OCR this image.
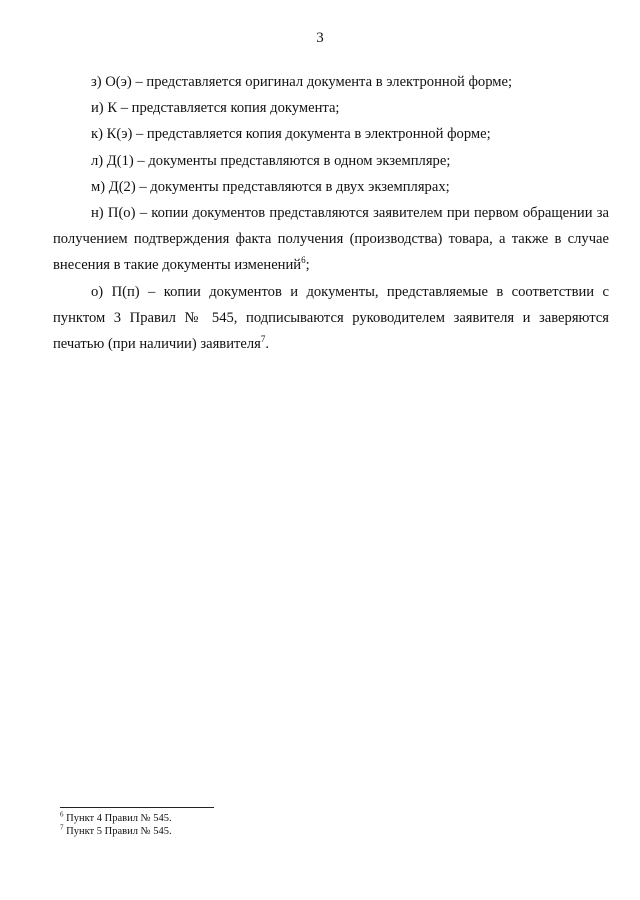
3

з) О(э) – представляется оригинал документа в электронной форме;

и) К – представляется копия документа;

к) К(э) – представляется копия документа в электронной форме;

л) Д(1) – документы представляются в одном экземпляре;

м) Д(2) – документы представляются в двух экземплярах;

н) П(о) – копии документов представляются заявителем при первом обращении за получением подтверждения факта получения (производства) товара, а также в случае внесения в такие документы изменений$^6$;

о) П(п) – копии документов и документы, представляемые в соответствии с пунктом 3 Правил № 545, подписываются руководителем заявителя и заверяются печатью (при наличии) заявителя$^7$.

$^6$ Пункт 4 Правил № 545.

$^7$ Пункт 5 Правил № 545.
